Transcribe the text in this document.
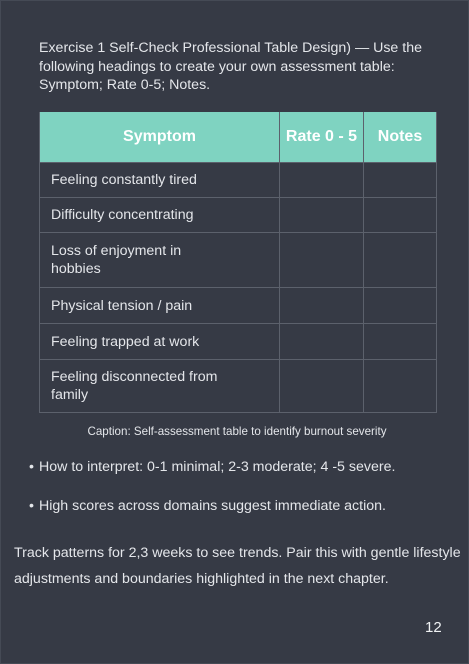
Exercise 1 Self-Check Professional Table Design) — Use the following headings to create your own assessment table: Symptom; Rate 0-5; Notes.
Symptom	Rate 0 - 5	Notes
Feeling constantly tired		
Difficulty concentrating		
Loss of enjoyment in hobbies		
Physical tension / pain		
Feeling trapped at work		
Feeling disconnected from family		
Caption: Self-assessment table to identify burnout severity
• How to interpret: 0-1 minimal; 2-3 moderate; 4 -5 severe.
• High scores across domains suggest immediate action.
Track patterns for 2,3 weeks to see trends. Pair this with gentle lifestyle adjustments and boundaries highlighted in the next chapter.
12
